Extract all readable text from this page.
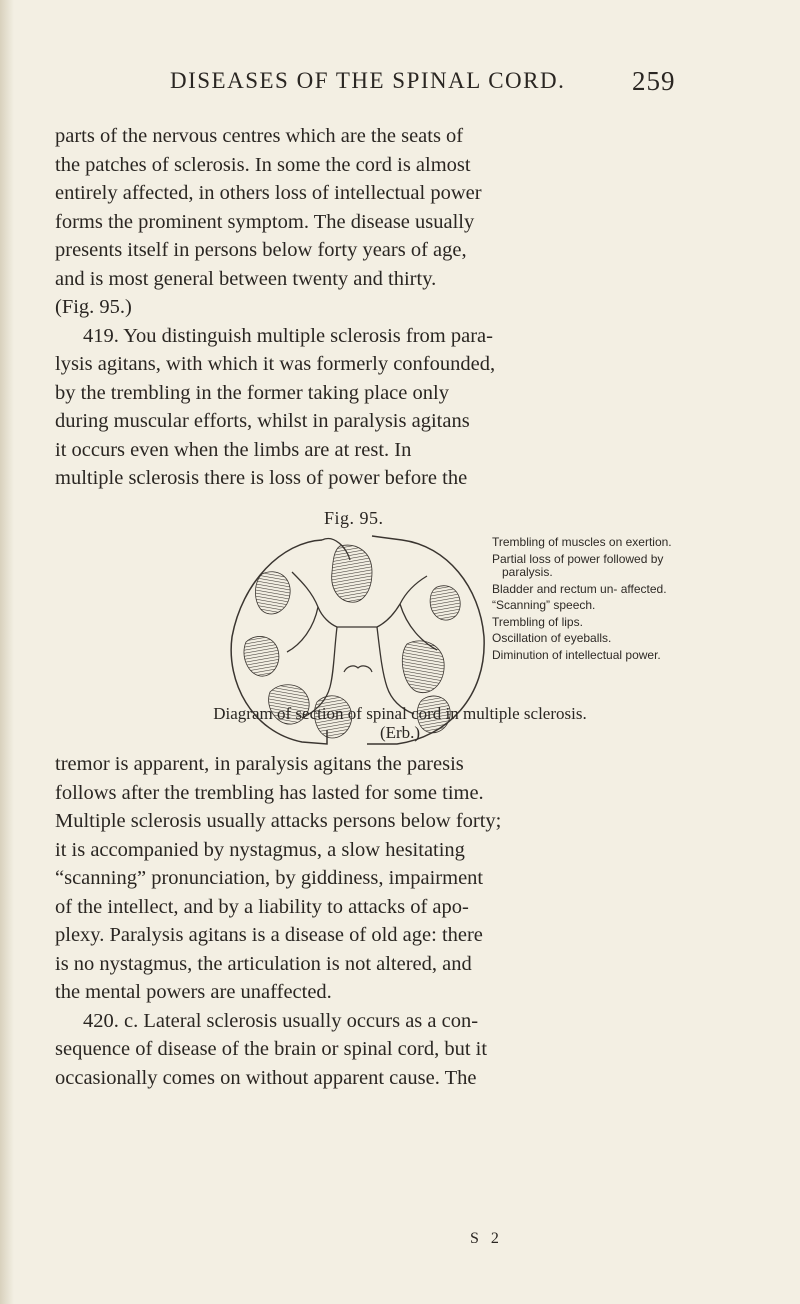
DISEASES OF THE SPINAL CORD. 259

parts of the nervous centres which are the seats of

the patches of sclerosis. In some the cord is almost

entirely affected, in others loss of intellectual power

forms the prominent symptom. The disease usually

presents itself in persons below forty years of age,

and is most general between twenty and thirty.

(Fig. 95.)

419. You distinguish multiple sclerosis from para-

lysis agitans, with which it was formerly confounded,

by the trembling in the former taking place only

during muscular efforts, whilst in paralysis agitans

it occurs even when the limbs are at rest. In

multiple sclerosis there is loss of power before the

Fig. 95.
Trembling of muscles on exertion.
Partial loss of power followed by paralysis.
Bladder and rectum un- affected.
“Scanning” speech.
Trembling of lips.
Oscillation of eyeballs.
Diminution of intellectual power.
Diagram of section of spinal cord in multiple sclerosis.
(Erb.)

tremor is apparent, in paralysis agitans the paresis

follows after the trembling has lasted for some time.

Multiple sclerosis usually attacks persons below forty;

it is accompanied by nystagmus, a slow hesitating

“scanning” pronunciation, by giddiness, impairment

of the intellect, and by a liability to attacks of apo-

plexy. Paralysis agitans is a disease of old age: there

is no nystagmus, the articulation is not altered, and

the mental powers are unaffected.

420. c. Lateral sclerosis usually occurs as a con-

sequence of disease of the brain or spinal cord, but it

occasionally comes on without apparent cause. The

S 2
